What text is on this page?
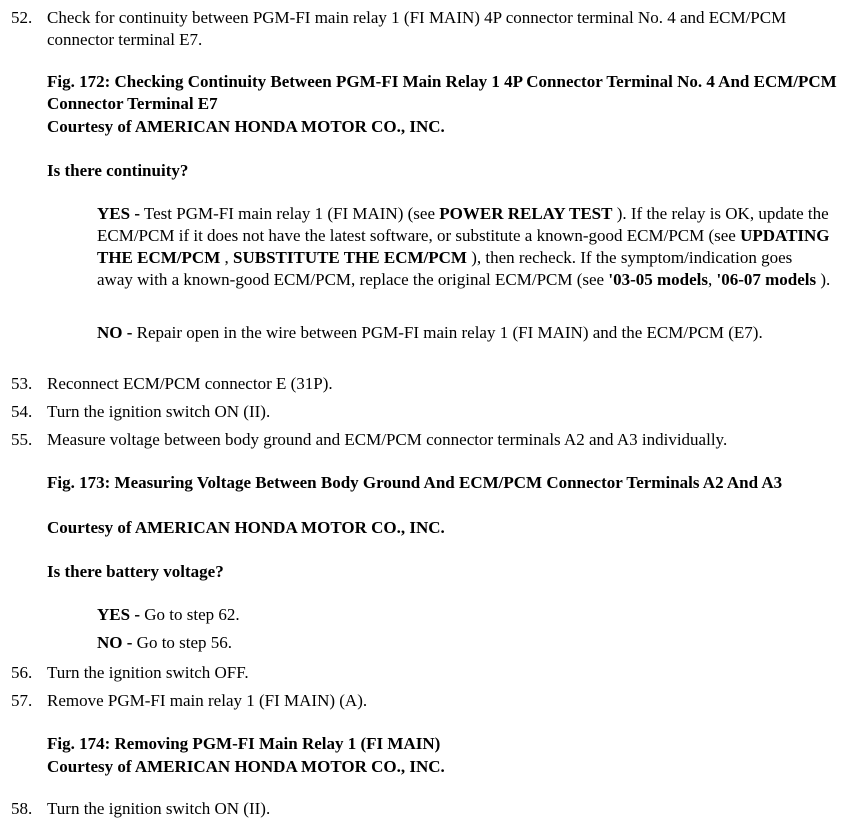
52. Check for continuity between PGM-FI main relay 1 (FI MAIN) 4P connector terminal No. 4 and ECM/PCM connector terminal E7.
Fig. 172: Checking Continuity Between PGM-FI Main Relay 1 4P Connector Terminal No. 4 And ECM/PCM Connector Terminal E7
Courtesy of AMERICAN HONDA MOTOR CO., INC.
Is there continuity?
YES - Test PGM-FI main relay 1 (FI MAIN) (see POWER RELAY TEST ). If the relay is OK, update the ECM/PCM if it does not have the latest software, or substitute a known-good ECM/PCM (see UPDATING THE ECM/PCM , SUBSTITUTE THE ECM/PCM ), then recheck. If the symptom/indication goes away with a known-good ECM/PCM, replace the original ECM/PCM (see '03-05 models, '06-07 models ).
NO - Repair open in the wire between PGM-FI main relay 1 (FI MAIN) and the ECM/PCM (E7).
53. Reconnect ECM/PCM connector E (31P).
54. Turn the ignition switch ON (II).
55. Measure voltage between body ground and ECM/PCM connector terminals A2 and A3 individually.
Fig. 173: Measuring Voltage Between Body Ground And ECM/PCM Connector Terminals A2 And A3
Courtesy of AMERICAN HONDA MOTOR CO., INC.
Is there battery voltage?
YES - Go to step 62.
NO - Go to step 56.
56. Turn the ignition switch OFF.
57. Remove PGM-FI main relay 1 (FI MAIN) (A).
Fig. 174: Removing PGM-FI Main Relay 1 (FI MAIN)
Courtesy of AMERICAN HONDA MOTOR CO., INC.
58. Turn the ignition switch ON (II).
